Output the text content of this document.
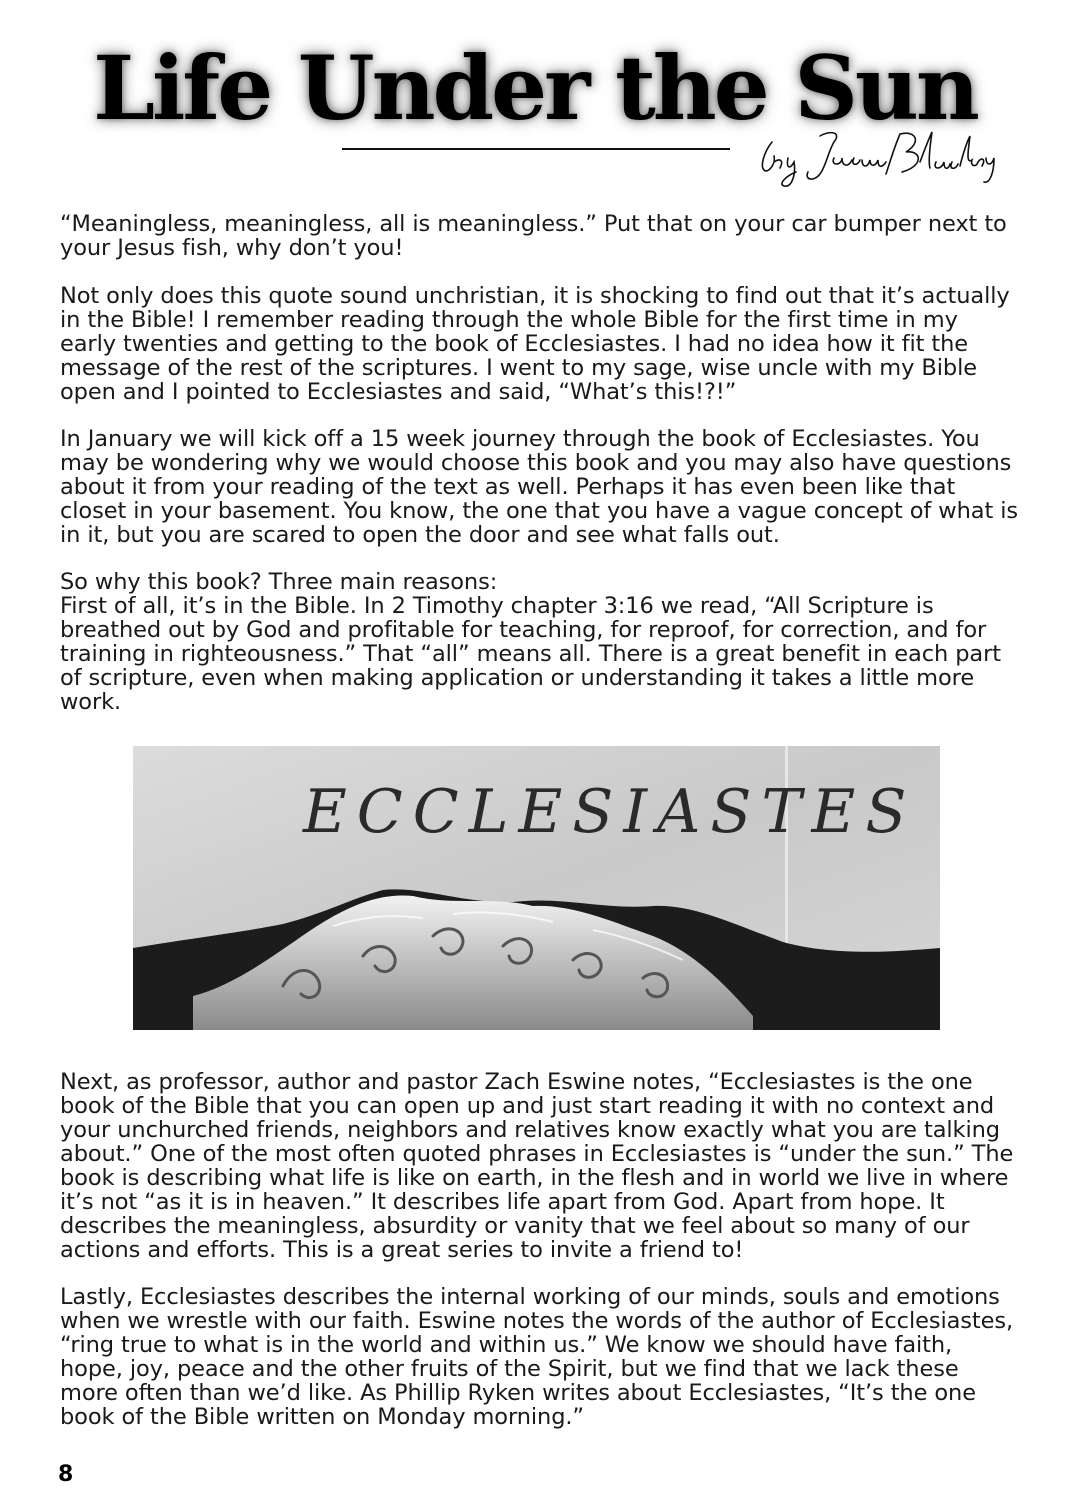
Life Under the Sun
by Jason Blackley

“Meaningless, meaningless, all is meaningless.” Put that on your car bumper next to your Jesus fish, why don’t you!

Not only does this quote sound unchristian, it is shocking to find out that it’s actually in the Bible! I remember reading through the whole Bible for the first time in my early twenties and getting to the book of Ecclesiastes. I had no idea how it fit the message of the rest of the scriptures. I went to my sage, wise uncle with my Bible open and I pointed to Ecclesiastes and said, “What’s this!?!”

In January we will kick off a 15 week journey through the book of Ecclesiastes. You may be wondering why we would choose this book and you may also have questions about it from your reading of the text as well. Perhaps it has even been like that closet in your basement. You know, the one that you have a vague concept of what is in it, but you are scared to open the door and see what falls out.

So why this book? Three main reasons:

First of all, it’s in the Bible. In 2 Timothy chapter 3:16 we read, “All Scripture is breathed out by God and profitable for teaching, for reproof, for correction, and for training in righteousness.” That “all” means all. There is a great benefit in each part of scripture, even when making application or understanding it takes a little more work.

ECCLESIASTES

Next, as professor, author and pastor Zach Eswine notes, “Ecclesiastes is the one book of the Bible that you can open up and just start reading it with no context and your unchurched friends, neighbors and relatives know exactly what you are talking about.” One of the most often quoted phrases in Ecclesiastes is “under the sun.” The book is describing what life is like on earth, in the flesh and in world we live in where it’s not “as it is in heaven.” It describes life apart from God. Apart from hope. It describes the meaningless, absurdity or vanity that we feel about so many of our actions and efforts. This is a great series to invite a friend to!

Lastly, Ecclesiastes describes the internal working of our minds, souls and emotions when we wrestle with our faith. Eswine notes the words of the author of Ecclesiastes, “ring true to what is in the world and within us.” We know we should have faith, hope, joy, peace and the other fruits of the Spirit, but we find that we lack these more often than we’d like. As Phillip Ryken writes about Ecclesiastes, “It’s the one book of the Bible written on Monday morning.”

8
